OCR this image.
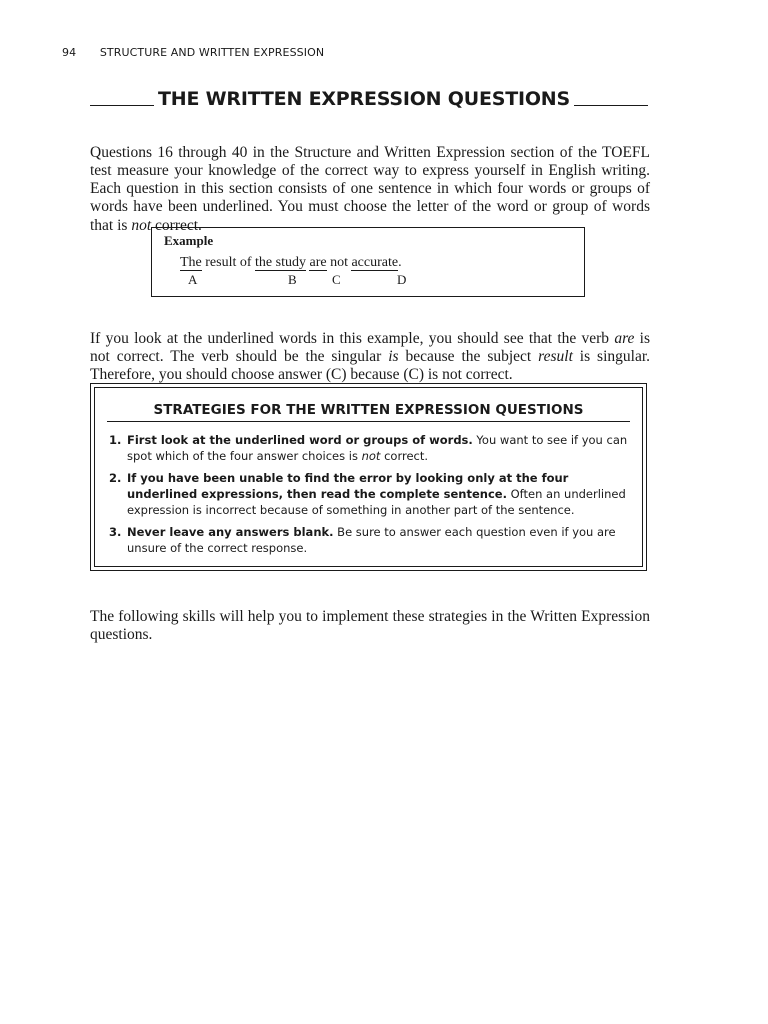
94 STRUCTURE AND WRITTEN EXPRESSION
THE WRITTEN EXPRESSION QUESTIONS

Questions 16 through 40 in the Structure and Written Expression section of the TOEFL test measure your knowledge of the correct way to express yourself in English writing. Each question in this section consists of one sentence in which four words or groups of words have been underlined. You must choose the letter of the word or group of words that is not correct.

Example
The result of the study are not accurate.
A	B	C	D

If you look at the underlined words in this example, you should see that the verb are is not correct. The verb should be the singular is because the subject result is singular. Therefore, you should choose answer (C) because (C) is not correct.

STRATEGIES FOR THE WRITTEN EXPRESSION QUESTIONS
1. First look at the underlined word or groups of words. You want to see if you can spot which of the four answer choices is not correct.
2. If you have been unable to find the error by looking only at the four underlined expressions, then read the complete sentence. Often an underlined expression is incorrect because of something in another part of the sentence.
3. Never leave any answers blank. Be sure to answer each question even if you are unsure of the correct response.

The following skills will help you to implement these strategies in the Written Expression questions.
